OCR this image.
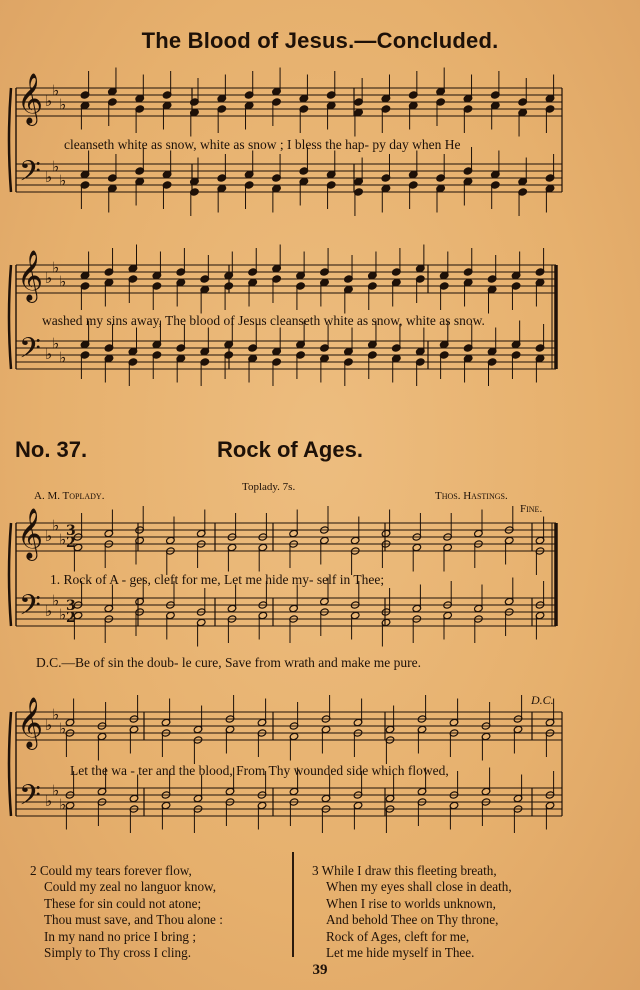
The Blood of Jesus.—Concluded.
𝄞
𝄢
♭
♭
♭
♭
♭
♭
𝄞
𝄢
♭
♭
♭
♭
♭
♭
𝄞
𝄢
♭
♭
♭
♭
♭
♭
3
3
2
2
𝄞
𝄢
♭
♭
♭
♭
♭
♭
cleanseth white as snow, white as snow ; I bless the hap- py day when He
washed my sins away, The blood of Jesus cleanseth white as snow, white as snow.
No. 37.	Rock of Ages.
A. M. Toplady.
Toplady. 7s.
Thos. Hastings.
Fine.
1. Rock of A - ges, cleft for me, Let me hide my- self in Thee;
D.C.—Be of sin the doub- le cure, Save from wrath and make me pure.
D.C.
Let the wa - ter and the blood, From Thy wounded side which flowed,
2 Could my tears forever flow,
Could my zeal no languor know,
These for sin could not atone;
Thou must save, and Thou alone :
In my nand no price I bring ;
Simply to Thy cross I cling.
3 While I draw this fleeting breath,
When my eyes shall close in death,
When I rise to worlds unknown,
And behold Thee on Thy throne,
Rock of Ages, cleft for me,
Let me hide myself in Thee.
39
